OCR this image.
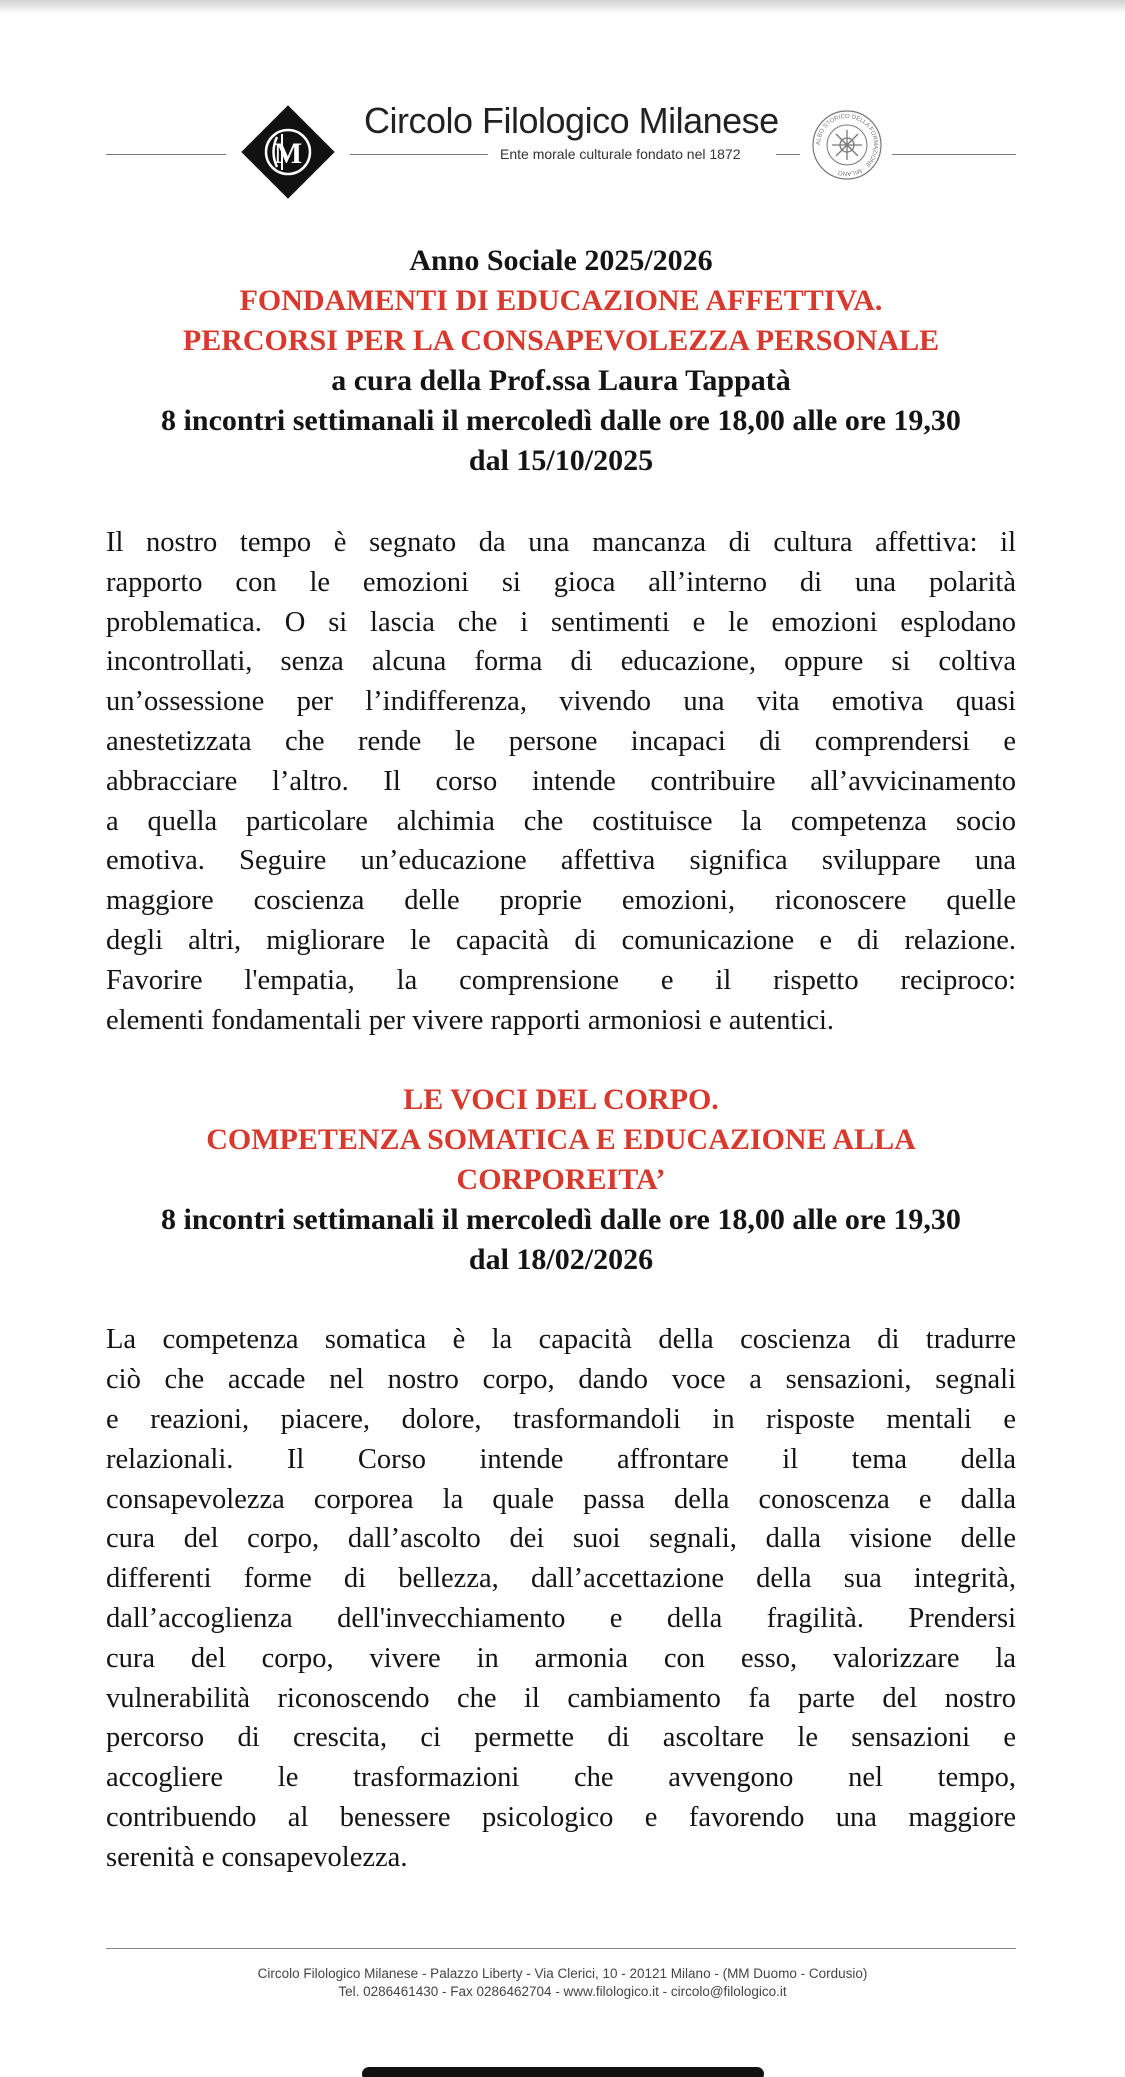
M
Circolo Filologico Milanese
Ente morale culturale fondato nel 1872
ALBO STORICO DELLA FORMAZIONE · MILANO ·
Anno Sociale 2025/2026
FONDAMENTI DI EDUCAZIONE AFFETTIVA.
PERCORSI PER LA CONSAPEVOLEZZA PERSONALE
a cura della Prof.ssa Laura Tappatà
8 incontri settimanali il mercoledì dalle ore 18,00 alle ore 19,30
dal 15/10/2025
Il nostro tempo è segnato da una mancanza di cultura affettiva: il
rapporto con le emozioni si gioca all’interno di una polarità
problematica. O si lascia che i sentimenti e le emozioni esplodano
incontrollati, senza alcuna forma di educazione, oppure si coltiva
un’ossessione per l’indifferenza, vivendo una vita emotiva quasi
anestetizzata che rende le persone incapaci di comprendersi e
abbracciare l’altro. Il corso intende contribuire all’avvicinamento
a quella particolare alchimia che costituisce la competenza socio
emotiva. Seguire un’educazione affettiva significa sviluppare una
maggiore coscienza delle proprie emozioni, riconoscere quelle
degli altri, migliorare le capacità di comunicazione e di relazione.
Favorire l'empatia, la comprensione e il rispetto reciproco:
elementi fondamentali per vivere rapporti armoniosi e autentici.
LE VOCI DEL CORPO.
COMPETENZA SOMATICA E EDUCAZIONE ALLA
CORPOREITA’
8 incontri settimanali il mercoledì dalle ore 18,00 alle ore 19,30
dal 18/02/2026
La competenza somatica è la capacità della coscienza di tradurre
ciò che accade nel nostro corpo, dando voce a sensazioni, segnali
e reazioni, piacere, dolore, trasformandoli in risposte mentali e
relazionali. Il Corso intende affrontare il tema della
consapevolezza corporea la quale passa della conoscenza e dalla
cura del corpo, dall’ascolto dei suoi segnali, dalla visione delle
differenti forme di bellezza, dall’accettazione della sua integrità,
dall’accoglienza dell'invecchiamento e della fragilità. Prendersi
cura del corpo, vivere in armonia con esso, valorizzare la
vulnerabilità riconoscendo che il cambiamento fa parte del nostro
percorso di crescita, ci permette di ascoltare le sensazioni e
accogliere le trasformazioni che avvengono nel tempo,
contribuendo al benessere psicologico e favorendo una maggiore
serenità e consapevolezza.
Circolo Filologico Milanese - Palazzo Liberty - Via Clerici, 10 - 20121 Milano - (MM Duomo - Cordusio)
Tel. 0286461430 - Fax 0286462704 - www.filologico.it - circolo@filologico.it
